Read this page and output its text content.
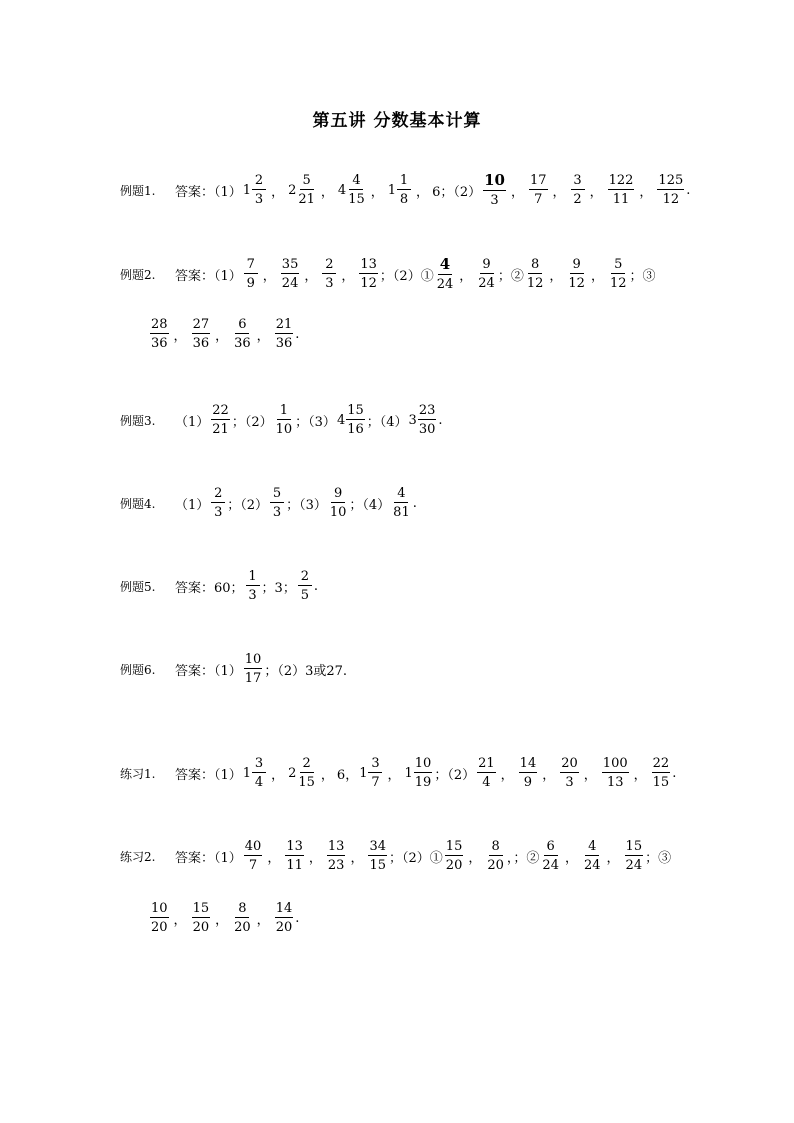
第五讲 分数基本计算
例题1.	答案：（1） $1 \frac{2}{3}$ ， $2 \frac{5}{21}$ ， $4 \frac{4}{15}$ ， $1 \frac{1}{8}$ ， 6；$(2) \frac{10}{3}$ ， $\frac{17}{7}$ ， $\frac{3}{2}$ ， $\frac{122}{11}$ ， $\frac{125}{12}$ .
例题2.	答案：$(1) \frac{7}{9}$ ， $\frac{35}{24}$ ， $\frac{2}{3}$ ， $\frac{13}{12}$ ；（2）① $\frac{4}{24}$ ， $\frac{9}{24}$ ；② $\frac{8}{12}$ ， $\frac{9}{12}$ ， $\frac{5}{12}$ ；③
$\frac{28}{36}$ ， $\frac{27}{36}$ ， $\frac{6}{36}$ ， $\frac{21}{36}$ .
例题3.	$(1) \frac{22}{21}$ ；$(2) \frac{1}{10}$ ；（3） $4 \frac{15}{16}$ ；（4） $3 \frac{23}{30}$ .
例题4.	$(1) \frac{2}{3}$ ；$(2) \frac{5}{3}$ ；$(3) \frac{9}{10}$ ；$(4) \frac{4}{81}$ .
例题5.	答案：60； $\frac{1}{3}$ ；3； $\frac{2}{5}$ .
例题6.	答案：$(1) \frac{10}{17}$ ；（2）3或27.
练习1.	答案：（1） $1 \frac{3}{4}$ ， $2 \frac{2}{15}$ ， 6， $1 \frac{3}{7}$ ， $1 \frac{10}{19}$ ；$(2) \frac{21}{4}$ ， $\frac{14}{9}$ ， $\frac{20}{3}$ ， $\frac{100}{13}$ ， $\frac{22}{15}$ .
练习2.	答案：$(1) \frac{40}{7}$ ， $\frac{13}{11}$ ， $\frac{13}{23}$ ， $\frac{34}{15}$ ；（2）① $\frac{15}{20}$ ， $\frac{8}{20}$ ，；② $\frac{6}{24}$ ， $\frac{4}{24}$ ， $\frac{15}{24}$ ；③
$\frac{10}{20}$ ， $\frac{15}{20}$ ， $\frac{8}{20}$ ， $\frac{14}{20}$ .
